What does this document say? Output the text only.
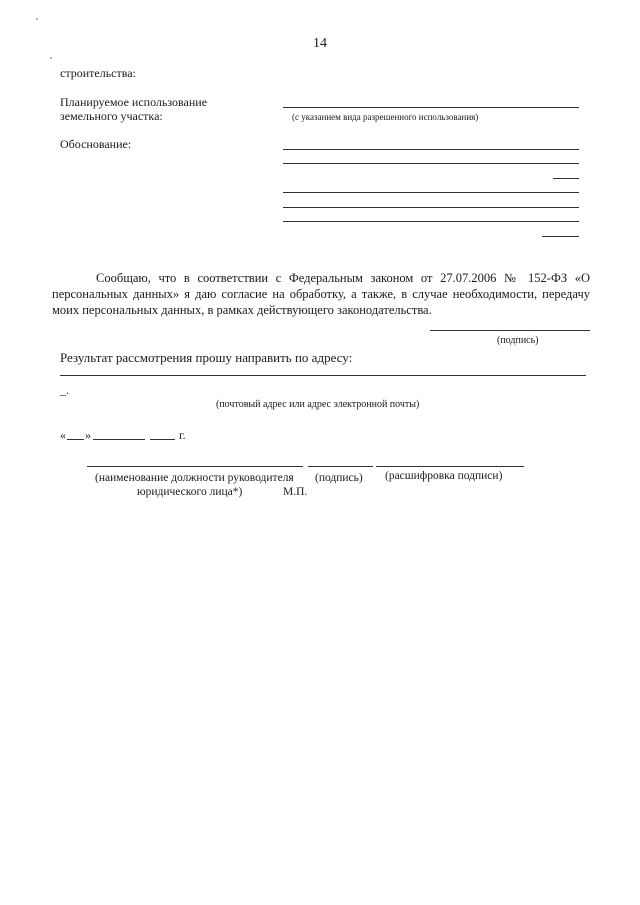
14
строительства:
Планируемое использование
земельного участка:	(с указанием вида разрешенного использования)
Обоснование:
Сообщаю, что в соответствии с Федеральным законом от 27.07.2006 № 152-ФЗ «О персональных данных» я даю согласие на обработку, а также, в случае необходимости, передачу моих персональных данных, в рамках действующего законодательства.
(подпись)
Результат рассмотрения прошу направить по адресу:
_.
(почтовый адрес или адрес электронной почты)
« »	г.
(наименование должности руководителя (подпись) (расшифровка подписи)
юридического лица*)	М.П.
